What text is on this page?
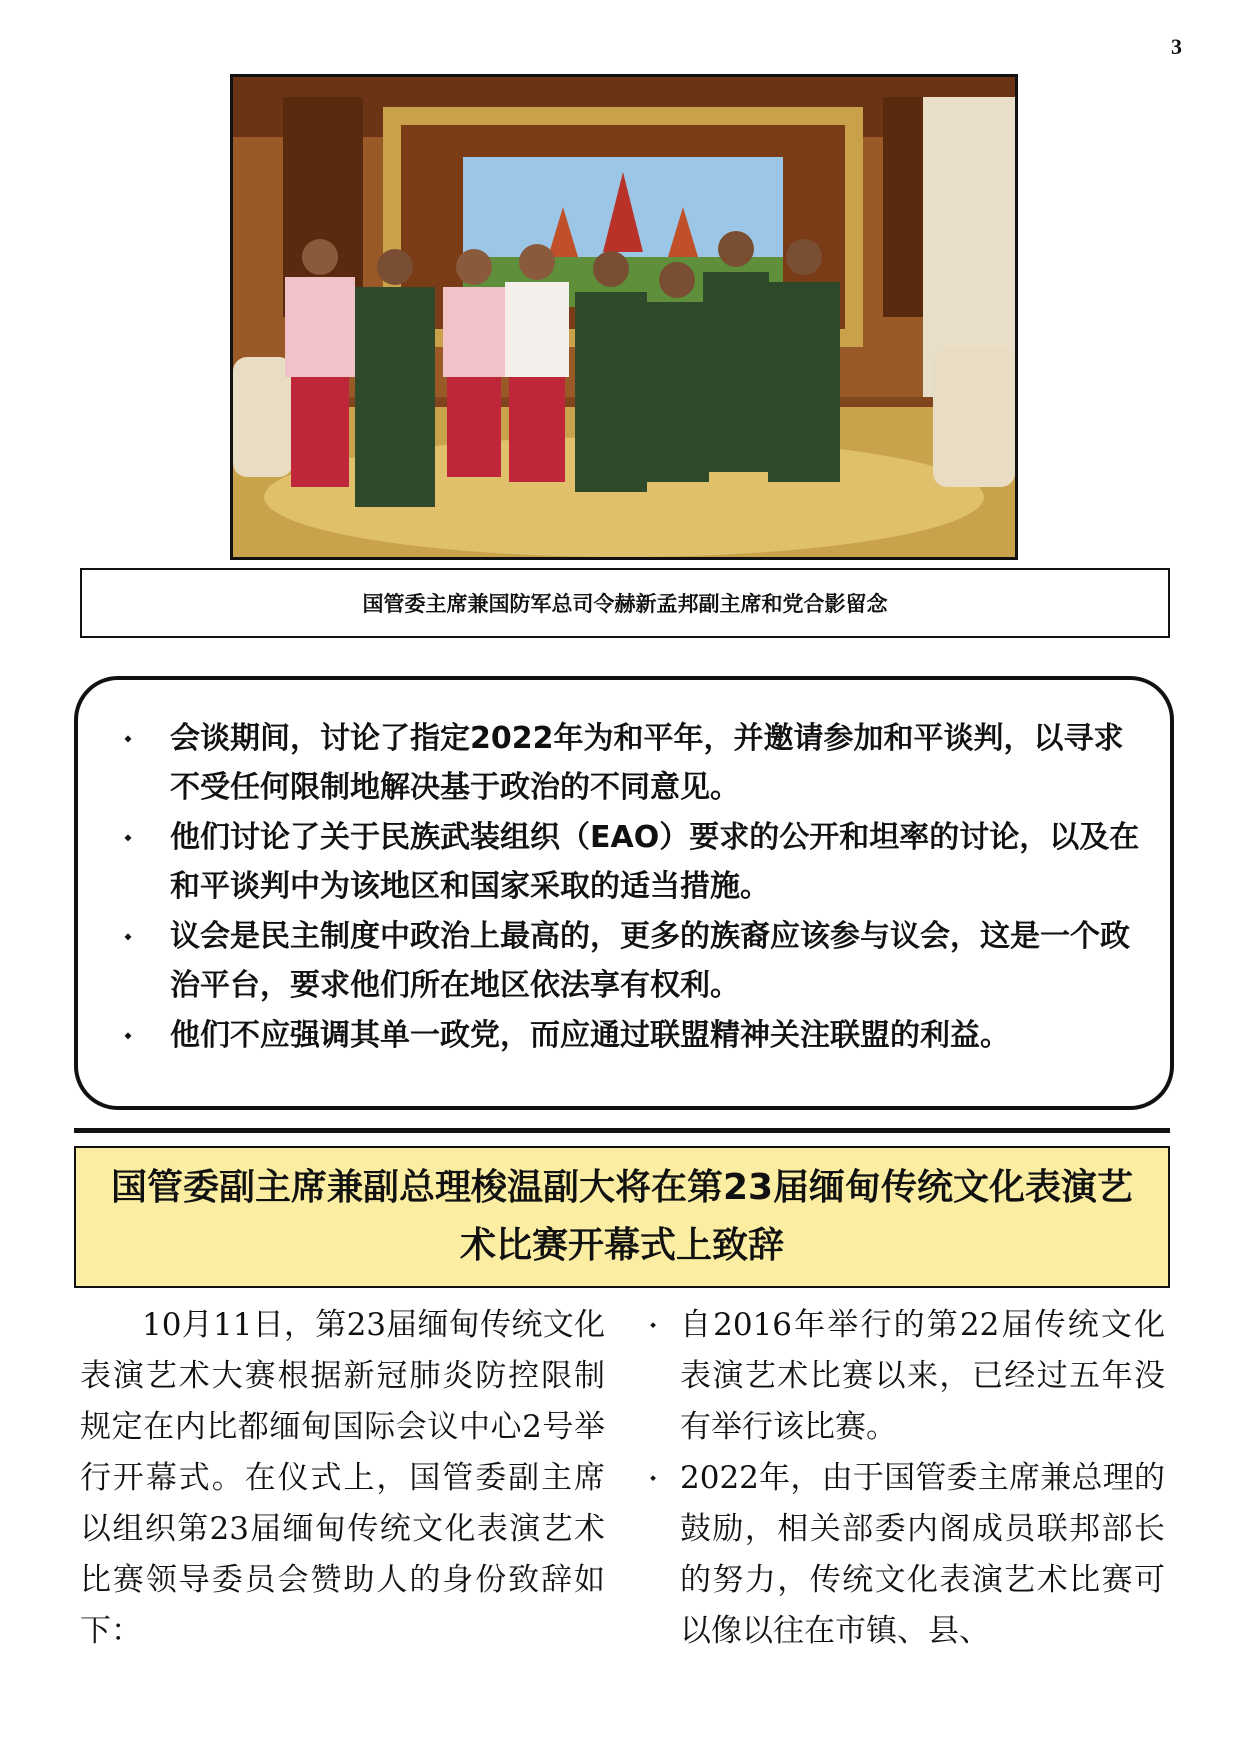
3
国管委主席兼国防军总司令赫新孟邦副主席和党合影留念
⬩	会谈期间，讨论了指定2022年为和平年，并邀请参加和平谈判，以寻求不受任何限制地解决基于政治的不同意见。
⬩	他们讨论了关于民族武装组织（EAO）要求的公开和坦率的讨论，以及在和平谈判中为该地区和国家采取的适当措施。
⬩	议会是民主制度中政治上最高的，更多的族裔应该参与议会，这是一个政治平台，要求他们所在地区依法享有权利。
⬩	他们不应强调其单一政党，而应通过联盟精神关注联盟的利益。
国管委副主席兼副总理梭温副大将在第23届缅甸传统文化表演艺术比赛开幕式上致辞

10月11日，第23届缅甸传统文化表演艺术大赛根据新冠肺炎防控限制规定在内比都缅甸国际会议中心2号举行开幕式。在仪式上，国管委副主席以组织第23届缅甸传统文化表演艺术比赛领导委员会赞助人的身份致辞如下：

⬩ 自2016年举行的第22届传统文化表演艺术比赛以来，已经过五年没有举行该比赛。
⬩ 2022年，由于国管委主席兼总理的鼓励，相关部委内阁成员联邦部长的努力，传统文化表演艺术比赛可以像以往在市镇、县、
